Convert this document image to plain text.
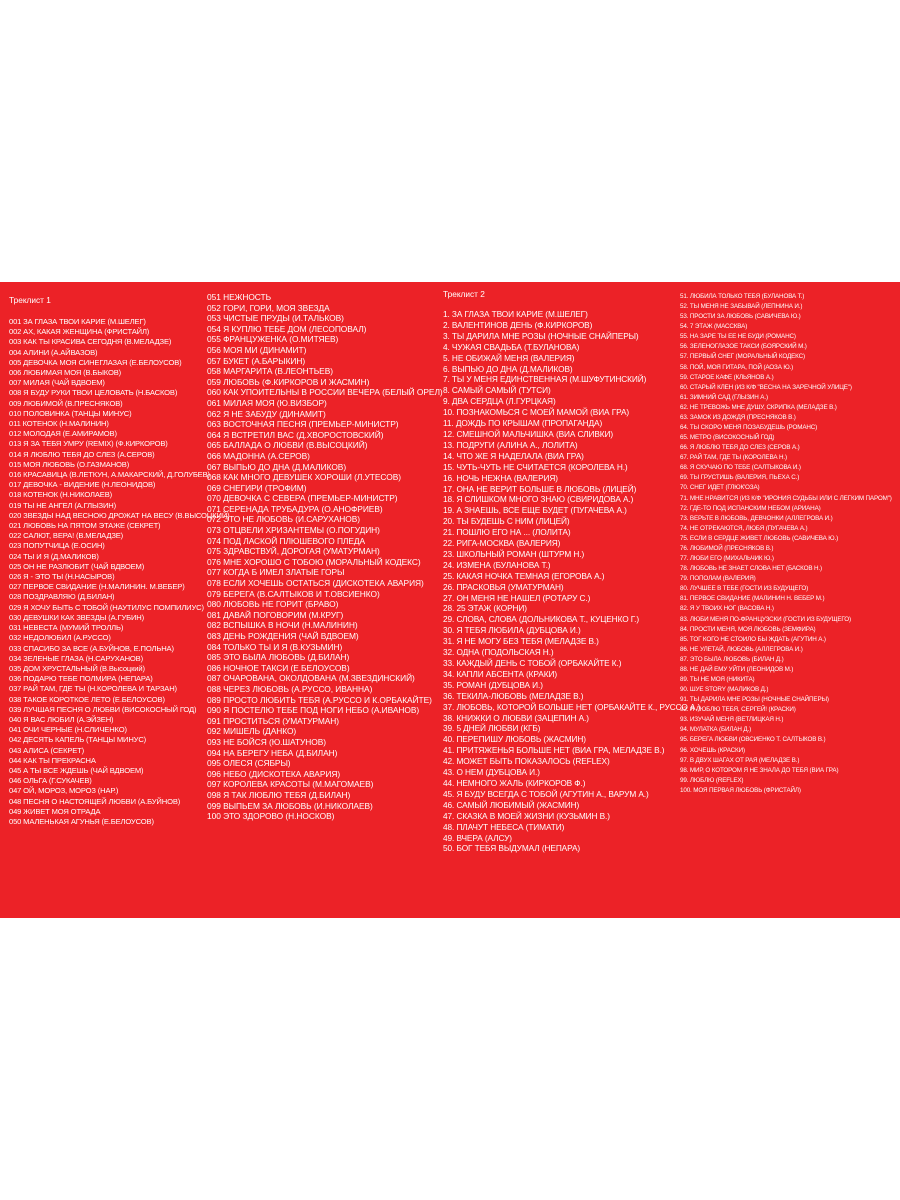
Треклист 1
001 ЗА ГЛАЗА ТВОИ КАРИЕ (М.ШЕЛЕГ)
002 АХ, КАКАЯ ЖЕНЩИНА (ФРИСТАЙЛ)
003 КАК ТЫ КРАСИВА СЕГОДНЯ (В.МЕЛАДЗЕ)
004 АЛИНИ (А.АЙВАЗОВ)
005 ДЕВОЧКА МОЯ СИНЕГЛАЗАЯ (Е.БЕЛОУСОВ)
006 ЛЮБИМАЯ МОЯ (В.БЫКОВ)
007 МИЛАЯ (ЧАЙ ВДВОЕМ)
008 Я БУДУ РУКИ ТВОИ ЦЕЛОВАТЬ (Н.БАСКОВ)
009 ЛЮБИМОЙ (В.ПРЕСНЯКОВ)
010 ПОЛОВИНКА (ТАНЦЫ МИНУС)
011 КОТЕНОК (Н.МАЛИНИН)
012 МОЛОДАЯ (Е.АМИРАМОВ)
013 Я ЗА ТЕБЯ УМРУ (REMIX) (Ф.КИРКОРОВ)
014 Я ЛЮБЛЮ ТЕБЯ ДО СЛЕЗ (А.СЕРОВ)
015 МОЯ ЛЮБОВЬ (О.ГАЗМАНОВ)
016 КРАСАВИЦА (В.ЛЕТКУН, А.МАКАРСКИЙ, Д.ГОЛУБЕВ)
017 ДЕВОЧКА - ВИДЕНИЕ (Н.ЛЕОНИДОВ)
018 КОТЕНОК (Н.НИКОЛАЕВ)
019 ТЫ НЕ АНГЕЛ (А.ГЛЫЗИН)
020 ЗВЕЗДЫ НАД ВЕСНОЮ ДРОЖАТ НА ВЕСУ (В.ВЫСОЦКИЙ)
021 ЛЮБОВЬ НА ПЯТОМ ЭТАЖЕ (СЕКРЕТ)
022 САЛЮТ, ВЕРА! (В.МЕЛАДЗЕ)
023 ПОПУТЧИЦА (Е.ОСИН)
024 ТЫ И Я (Д.МАЛИКОВ)
025 ОН НЕ РАЗЛЮБИТ (ЧАЙ ВДВОЕМ)
026 Я - ЭТО ТЫ (Н.НАСЫРОВ)
027 ПЕРВОЕ СВИДАНИЕ (Н.МАЛИНИН. М.ВЕБЕР)
028 ПОЗДРАВЛЯЮ (Д.БИЛАН)
029 Я ХОЧУ БЫТЬ С ТОБОЙ (НАУТИЛУС ПОМПИЛИУС)
030 ДЕВУШКИ КАК ЗВЕЗДЫ (А.ГУБИН)
031 НЕВЕСТА (МУМИЙ ТРОЛЛЬ)
032 НЕДОЛЮБИЛ (А.РУССО)
033 СПАСИБО ЗА ВСЕ (А.БУЙНОВ, Е.ПОЛЬНА)
034 ЗЕЛЕНЫЕ ГЛАЗА (Н.САРУХАНОВ)
035 ДОМ ХРУСТАЛЬНЫЙ (В.Высоцкий)
036 ПОДАРЮ ТЕБЕ ПОЛМИРА (НЕПАРА)
037 РАЙ ТАМ, ГДЕ ТЫ (Н.КОРОЛЕВА И ТАРЗАН)
038 ТАКОЕ КОРОТКОЕ ЛЕТО (Е.БЕЛОУСОВ)
039 ЛУЧШАЯ ПЕСНЯ О ЛЮБВИ (ВИСОКОСНЫЙ ГОД)
040 Я ВАС ЛЮБИЛ (А.ЭЙЗЕН)
041 ОЧИ ЧЕРНЫЕ (Н.СЛИЧЕНКО)
042 ДЕСЯТЬ КАПЕЛЬ (ТАНЦЫ МИНУС)
043 АЛИСА (СЕКРЕТ)
044 КАК ТЫ ПРЕКРАСНА
045 А ТЫ ВСЕ ЖДЕШЬ (ЧАЙ ВДВОЕМ)
046 ОЛЬГА (Г.СУКАЧЕВ)
047 ОЙ, МОРОЗ, МОРОЗ (НАР.)
048 ПЕСНЯ О НАСТОЯЩЕЙ ЛЮБВИ (А.БУЙНОВ)
049 ЖИВЕТ МОЯ ОТРАДА
050 МАЛЕНЬКАЯ АГУНЬЯ (Е.БЕЛОУСОВ)
051 НЕЖНОСТЬ
052 ГОРИ, ГОРИ, МОЯ ЗВЕЗДА
053 ЧИСТЫЕ ПРУДЫ (И.ТАЛЬКОВ)
054 Я КУПЛЮ ТЕБЕ ДОМ (ЛЕСОПОВАЛ)
055 ФРАНЦУЖЕНКА (О.МИТЯЕВ)
056 МОЯ МИ (ДИНАМИТ)
057 БУКЕТ (А.БАРЫКИН)
058 МАРГАРИТА (В.ЛЕОНТЬЕВ)
059 ЛЮБОВЬ (Ф.КИРКОРОВ И ЖАСМИН)
060 КАК УПОИТЕЛЬНЫ В РОССИИ ВЕЧЕРА (БЕЛЫЙ ОРЕЛ)
061 МИЛАЯ МОЯ (Ю.ВИЗБОР)
062 Я НЕ ЗАБУДУ (ДИНАМИТ)
063 ВОСТОЧНАЯ ПЕСНЯ (ПРЕМЬЕР-МИНИСТР)
064 Я ВСТРЕТИЛ ВАС (Д.ХВОРОСТОВСКИЙ)
065 БАЛЛАДА О ЛЮБВИ (В.ВЫСОЦКИЙ)
066 МАДОННА (А.СЕРОВ)
067 ВЫПЬЮ ДО ДНА (Д.МАЛИКОВ)
068 КАК МНОГО ДЕВУШЕК ХОРОШИ (Л.УТЕСОВ)
069 СНЕГИРИ (ТРОФИМ)
070 ДЕВОЧКА С СЕВЕРА (ПРЕМЬЕР-МИНИСТР)
071 СЕРЕНАДА ТРУБАДУРА (О.АНОФРИЕВ)
072 ЭТО НЕ ЛЮБОВЬ (И.САРУХАНОВ)
073 ОТЦВЕЛИ ХРИЗАНТЕМЫ (О.ПОГУДИН)
074 ПОД ЛАСКОЙ ПЛЮШЕВОГО ПЛЕДА
075 ЗДРАВСТВУЙ, ДОРОГАЯ (УМАТУРМАН)
076 МНЕ ХОРОШО С ТОБОЮ (МОРАЛЬНЫЙ КОДЕКС)
077 КОГДА Б ИМЕЛ ЗЛАТЫЕ ГОРЫ
078 ЕСЛИ ХОЧЕШЬ ОСТАТЬСЯ (ДИСКОТЕКА АВАРИЯ)
079 БЕРЕГА (В.САЛТЫКОВ И Т.ОВСИЕНКО)
080 ЛЮБОВЬ НЕ ГОРИТ (БРАВО)
081 ДАВАЙ ПОГОВОРИМ (М.КРУГ)
082 ВСПЫШКА В НОЧИ (Н.МАЛИНИН)
083 ДЕНЬ РОЖДЕНИЯ (ЧАЙ ВДВОЕМ)
084 ТОЛЬКО ТЫ И Я (В.КУЗЬМИН)
085 ЭТО БЫЛА ЛЮБОВЬ (Д.БИЛАН)
086 НОЧНОЕ ТАКСИ (Е.БЕЛОУСОВ)
087 ОЧАРОВАНА, ОКОЛДОВАНА (М.ЗВЕЗДИНСКИЙ)
088 ЧЕРЕЗ ЛЮБОВЬ (А.РУССО, ИВАННА)
089 ПРОСТО ЛЮБИТЬ ТЕБЯ (А.РУССО И К.ОРБАКАЙТЕ)
090 Я ПОСТЕЛЮ ТЕБЕ ПОД НОГИ НЕБО (А.ИВАНОВ)
091 ПРОСТИТЬСЯ (УМАТУРМАН)
092 МИШЕЛЬ (ДАНКО)
093 НЕ БОЙСЯ (Ю.ШАТУНОВ)
094 НА БЕРЕГУ НЕБА (Д.БИЛАН)
095 ОЛЕСЯ (СЯБРЫ)
096 НЕБО (ДИСКОТЕКА АВАРИЯ)
097 КОРОЛЕВА КРАСОТЫ (М.МАГОМАЕВ)
098 Я ТАК ЛЮБЛЮ ТЕБЯ (Д.БИЛАН)
099 ВЫПЬЕМ ЗА ЛЮБОВЬ (И.НИКОЛАЕВ)
100 ЭТО ЗДОРОВО (Н.НОСКОВ)
Треклист 2
1. ЗА ГЛАЗА ТВОИ КАРИЕ (М.ШЕЛЕГ)
2. ВАЛЕНТИНОВ ДЕНЬ (Ф.КИРКОРОВ)
3. ТЫ ДАРИЛА МНЕ РОЗЫ (НОЧНЫЕ СНАЙПЕРЫ)
4. ЧУЖАЯ СВАДЬБА (Т.БУЛАНОВА)
5. НЕ ОБИЖАЙ МЕНЯ (ВАЛЕРИЯ)
6. ВЫПЬЮ ДО ДНА (Д.МАЛИКОВ)
7. ТЫ У МЕНЯ ЕДИНСТВЕННАЯ (М.ШУФУТИНСКИЙ)
8. САМЫЙ САМЫЙ (ТУТСИ)
9. ДВА СЕРДЦА (Л.ГУРЦКАЯ)
10. ПОЗНАКОМЬСЯ С МОЕЙ МАМОЙ (ВИА ГРА)
11. ДОЖДЬ ПО КРЫШАМ (ПРОПАГАНДА)
12. СМЕШНОЙ МАЛЬЧИШКА (ВИА СЛИВКИ)
13. ПОДРУГИ (АЛИНА А., ЛОЛИТА)
14. ЧТО ЖЕ Я НАДЕЛАЛА (ВИА ГРА)
15. ЧУТЬ-ЧУТЬ НЕ СЧИТАЕТСЯ (КОРОЛЕВА Н.)
16. НОЧЬ НЕЖНА (ВАЛЕРИЯ)
17. ОНА НЕ ВЕРИТ БОЛЬШЕ В ЛЮБОВЬ (ЛИЦЕЙ)
18. Я СЛИШКОМ МНОГО ЗНАЮ (СВИРИДОВА А.)
19. А ЗНАЕШЬ, ВСЕ ЕЩЕ БУДЕТ (ПУГАЧЕВА А.)
20. ТЫ БУДЕШЬ С НИМ (ЛИЦЕЙ)
21. ПОШЛЮ ЕГО НА ... (ЛОЛИТА)
22. РИГА-МОСКВА (ВАЛЕРИЯ)
23. ШКОЛЬНЫЙ РОМАН (ШТУРМ Н.)
24. ИЗМЕНА (БУЛАНОВА Т.)
25. КАКАЯ НОЧКА ТЕМНАЯ (ЕГОРОВА А.)
26. ПРАСКОВЬЯ (УМАТУРМАН)
27. ОН МЕНЯ НЕ НАШЕЛ (РОТАРУ С.)
28. 25 ЭТАЖ (КОРНИ)
29. СЛОВА, СЛОВА (ДОЛЬНИКОВА Т., КУЦЕНКО Г.)
30. Я ТЕБЯ ЛЮБИЛА (ДУБЦОВА И.)
31. Я НЕ МОГУ БЕЗ ТЕБЯ (МЕЛАДЗЕ В.)
32. ОДНА (ПОДОЛЬСКАЯ Н.)
33. КАЖДЫЙ ДЕНЬ С ТОБОЙ (ОРБАКАЙТЕ К.)
34. КАПЛИ АБСЕНТА (КРАКИ)
35. РОМАН (ДУБЦОВА И.)
36. ТЕКИЛА-ЛЮБОВЬ (МЕЛАДЗЕ В.)
37. ЛЮБОВЬ, КОТОРОЙ БОЛЬШЕ НЕТ (ОРБАКАЙТЕ К., РУССО А.)
38. КНИЖКИ О ЛЮБВИ (ЗАЦЕПИН А.)
39. 5 ДНЕЙ ЛЮБВИ (КГБ)
40. ПЕРЕПИШУ ЛЮБОВЬ (ЖАСМИН)
41. ПРИТЯЖЕНЬЯ БОЛЬШЕ НЕТ (ВИА ГРА, МЕЛАДЗЕ В.)
42. МОЖЕТ БЫТЬ ПОКАЗАЛОСЬ (REFLEX)
43. О НЕМ (ДУБЦОВА И.)
44. НЕМНОГО ЖАЛЬ (КИРКОРОВ Ф.)
45. Я БУДУ ВСЕГДА С ТОБОЙ (АГУТИН А., ВАРУМ А.)
46. САМЫЙ ЛЮБИМЫЙ (ЖАСМИН)
47. СКАЗКА В МОЕЙ ЖИЗНИ (КУЗЬМИН В.)
48. ПЛАЧУТ НЕБЕСА (ТИМАТИ)
49. ВЧЕРА (АЛСУ)
50. БОГ ТЕБЯ ВЫДУМАЛ (НЕПАРА)
51. ЛЮБИЛА ТОЛЬКО ТЕБЯ (БУЛАНОВА Т.)
52. ТЫ МЕНЯ НЕ ЗАБЫВАЙ (ЛЕПНИНА И.)
53. ПРОСТИ ЗА ЛЮБОВЬ (САВИЧЕВА Ю.)
54. 7 ЭТАЖ (МАССКВА)
55. НА ЗАРЕ ТЫ ЕЕ НЕ БУДИ (РОМАНС)
56. ЗЕЛЕНОГЛАЗОЕ ТАКСИ (БОЯРСКИЙ М.)
57. ПЕРВЫЙ СНЕГ (МОРАЛЬНЫЙ КОДЕКС)
58. ПОЙ, МОЯ ГИТАРА, ПОЙ (АОЗА Ю.)
59. СТАРОЕ КАФЕ (КЛЬЯНОВ А.)
60. СТАРЫЙ КЛЕН (ИЗ К/Ф "ВЕСНА НА ЗАРЕЧНОЙ УЛИЦЕ")
61. ЗИМНИЙ САД (ГЛЫЗИН А.)
62. НЕ ТРЕВОЖЬ МНЕ ДУШУ, СКРИПКА (МЕЛАДЗЕ В.)
63. ЗАМОК ИЗ ДОЖДЯ (ПРЕСНЯКОВ В.)
64. ТЫ СКОРО МЕНЯ ПОЗАБУДЕШЬ (РОМАНС)
65. МЕТРО (ВИСОКОСНЫЙ ГОД)
66. Я ЛЮБЛЮ ТЕБЯ ДО СЛЕЗ (СЕРОВ А.)
67. РАЙ ТАМ, ГДЕ ТЫ (КОРОЛЕВА Н.)
68. Я СКУЧАЮ ПО ТЕБЕ (САЛТЫКОВА И.)
69. ТЫ ГРУСТИШЬ (ВАЛЕРИЯ, ПЬЕХА С.)
70. СНЕГ ИДЕТ (ГЛЮК'ОЗА)
71. МНЕ НРАВИТСЯ (ИЗ К/Ф "ИРОНИЯ СУДЬБЫ ИЛИ С ЛЕГКИМ ПАРОМ")
72. ГДЕ-ТО ПОД ИСПАНСКИМ НЕБОМ (АРИАНА)
73. ВЕРЬТЕ В ЛЮБОВЬ, ДЕВЧОНКИ (АЛЛЕГРОВА И.)
74. НЕ ОТРЕКАЮТСЯ, ЛЮБЯ (ПУГАЧЕВА А.)
75. ЕСЛИ В СЕРДЦЕ ЖИВЕТ ЛЮБОВЬ (САВИЧЕВА Ю.)
76. ЛЮБИМОЙ (ПРЕСНЯКОВ В.)
77. ЛЮБИ ЕГО (МИХАЛЬЧИК Ю.)
78. ЛЮБОВЬ НЕ ЗНАЕТ СЛОВА НЕТ (БАСКОВ Н.)
79. ПОПОЛАМ (ВАЛЕРИЯ)
80. ЛУЧШЕЕ В ТЕБЕ (ГОСТИ ИЗ БУДУЩЕГО)
81. ПЕРВОЕ СВИДАНИЕ (МАЛИНИН Н. ВЕБЕР М.)
82. Я У ТВОИХ НОГ (ВАСОВА Н.)
83. ЛЮБИ МЕНЯ ПО-ФРАНЦУЗСКИ (ГОСТИ ИЗ БУДУЩЕГО)
84. ПРОСТИ МЕНЯ, МОЯ ЛЮБОВЬ (ЗЕМФИРА)
85. ТОГ КОГО НЕ СТОИЛО БЫ ЖДАТЬ (АГУТИН А.)
86. НЕ УЛЕТАЙ, ЛЮБОВЬ (АЛЛЕГРОВА И.)
87. ЭТО БЫЛА ЛЮБОВЬ (БИЛАН Д.)
88. НЕ ДАЙ ЕМУ УЙТИ (ЛЕОНИДОВ М.)
89. ТЫ НЕ МОЯ (НИКИТА)
90. ШУЕ STORY (МАЛИКОВ Д.)
91. ТЫ ДАРИЛА МНЕ РОЗЫ (НОЧНЫЕ СНАЙПЕРЫ)
92. Я ЛЮБЛЮ ТЕБЯ, СЕРГЕЙ! (КРАСКИ)
93. ИЗУЧАЙ МЕНЯ (ВЕТЛИЦКАЯ Н.)
94. МУЛАТКА (БИЛАН Д.)
95. БЕРЕГА ЛЮБВИ (ОВСИЕНКО Т. САЛТЫКОВ В.)
96. ХОЧЕШЬ (КРАСКИ)
97. В ДВУХ ШАГАХ ОТ РАЯ (МЕЛАДЗЕ В.)
98. МИР, О КОТОРОМ Я НЕ ЗНАЛА ДО ТЕБЯ (ВИА ГРА)
99. ЛЮБЛЮ (REFLEX)
100. МОЯ ПЕРВАЯ ЛЮБОВЬ (ФРИСТАЙЛ)
